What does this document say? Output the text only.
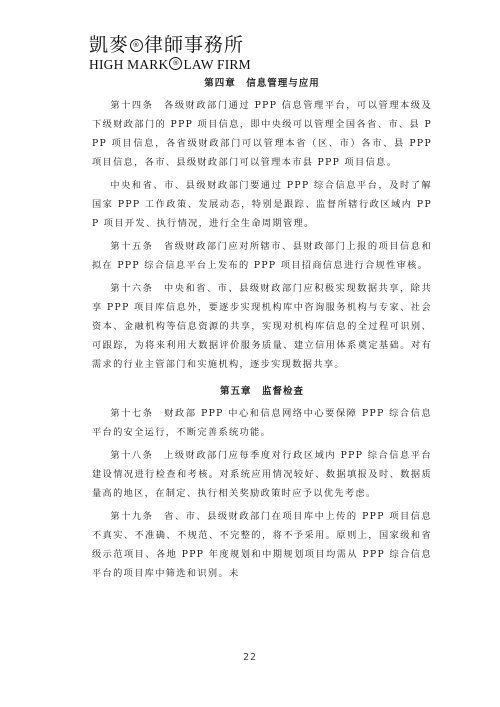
凱麥 ® 律師事務所
HIGH MARK ® LAW FIRM
第四章　信息管理与应用

第十四条　各级财政部门通过 PPP 信息管理平台，可以管理本级及下级财政部门的 PPP 项目信息，即中央级可以管理全国各省、市、县 PPP 项目信息，各省级财政部门可以管理本省（区、市）各市、县 PPP 项目信息，各市、县级财政部门可以管理本市县 PPP 项目信息。

中央和省、市、县级财政部门要通过 PPP 综合信息平台，及时了解国家 PPP 工作政策、发展动态，特别是跟踪、监督所辖行政区域内 PPP 项目开发、执行情况，进行全生命周期管理。

第十五条　省级财政部门应对所辖市、县财政部门上报的项目信息和拟在 PPP 综合信息平台上发布的 PPP 项目招商信息进行合规性审核。

第十六条　中央和省、市、县级财政部门应积极实现数据共享，除共享 PPP 项目库信息外，要逐步实现机构库中咨询服务机构与专家、社会资本、金融机构等信息资源的共享，实现对机构库信息的全过程可识别、可跟踪，为将来利用大数据评价服务质量、建立信用体系奠定基础。对有需求的行业主管部门和实施机构，逐步实现数据共享。

第五章　监督检查

第十七条　财政部 PPP 中心和信息网络中心要保障 PPP 综合信息平台的安全运行，不断完善系统功能。

第十八条　上级财政部门应每季度对行政区域内 PPP 综合信息平台建设情况进行检查和考核。对系统应用情况较好、数据填报及时、数据质量高的地区，在制定、执行相关奖励政策时应予以优先考虑。

第十九条　省、市、县级财政部门在项目库中上传的 PPP 项目信息不真实、不准确、不规范、不完整的，将不予采用。原则上，国家级和省级示范项目、各地 PPP 年度规划和中期规划项目均需从 PPP 综合信息平台的项目库中筛选和识别。未

22
